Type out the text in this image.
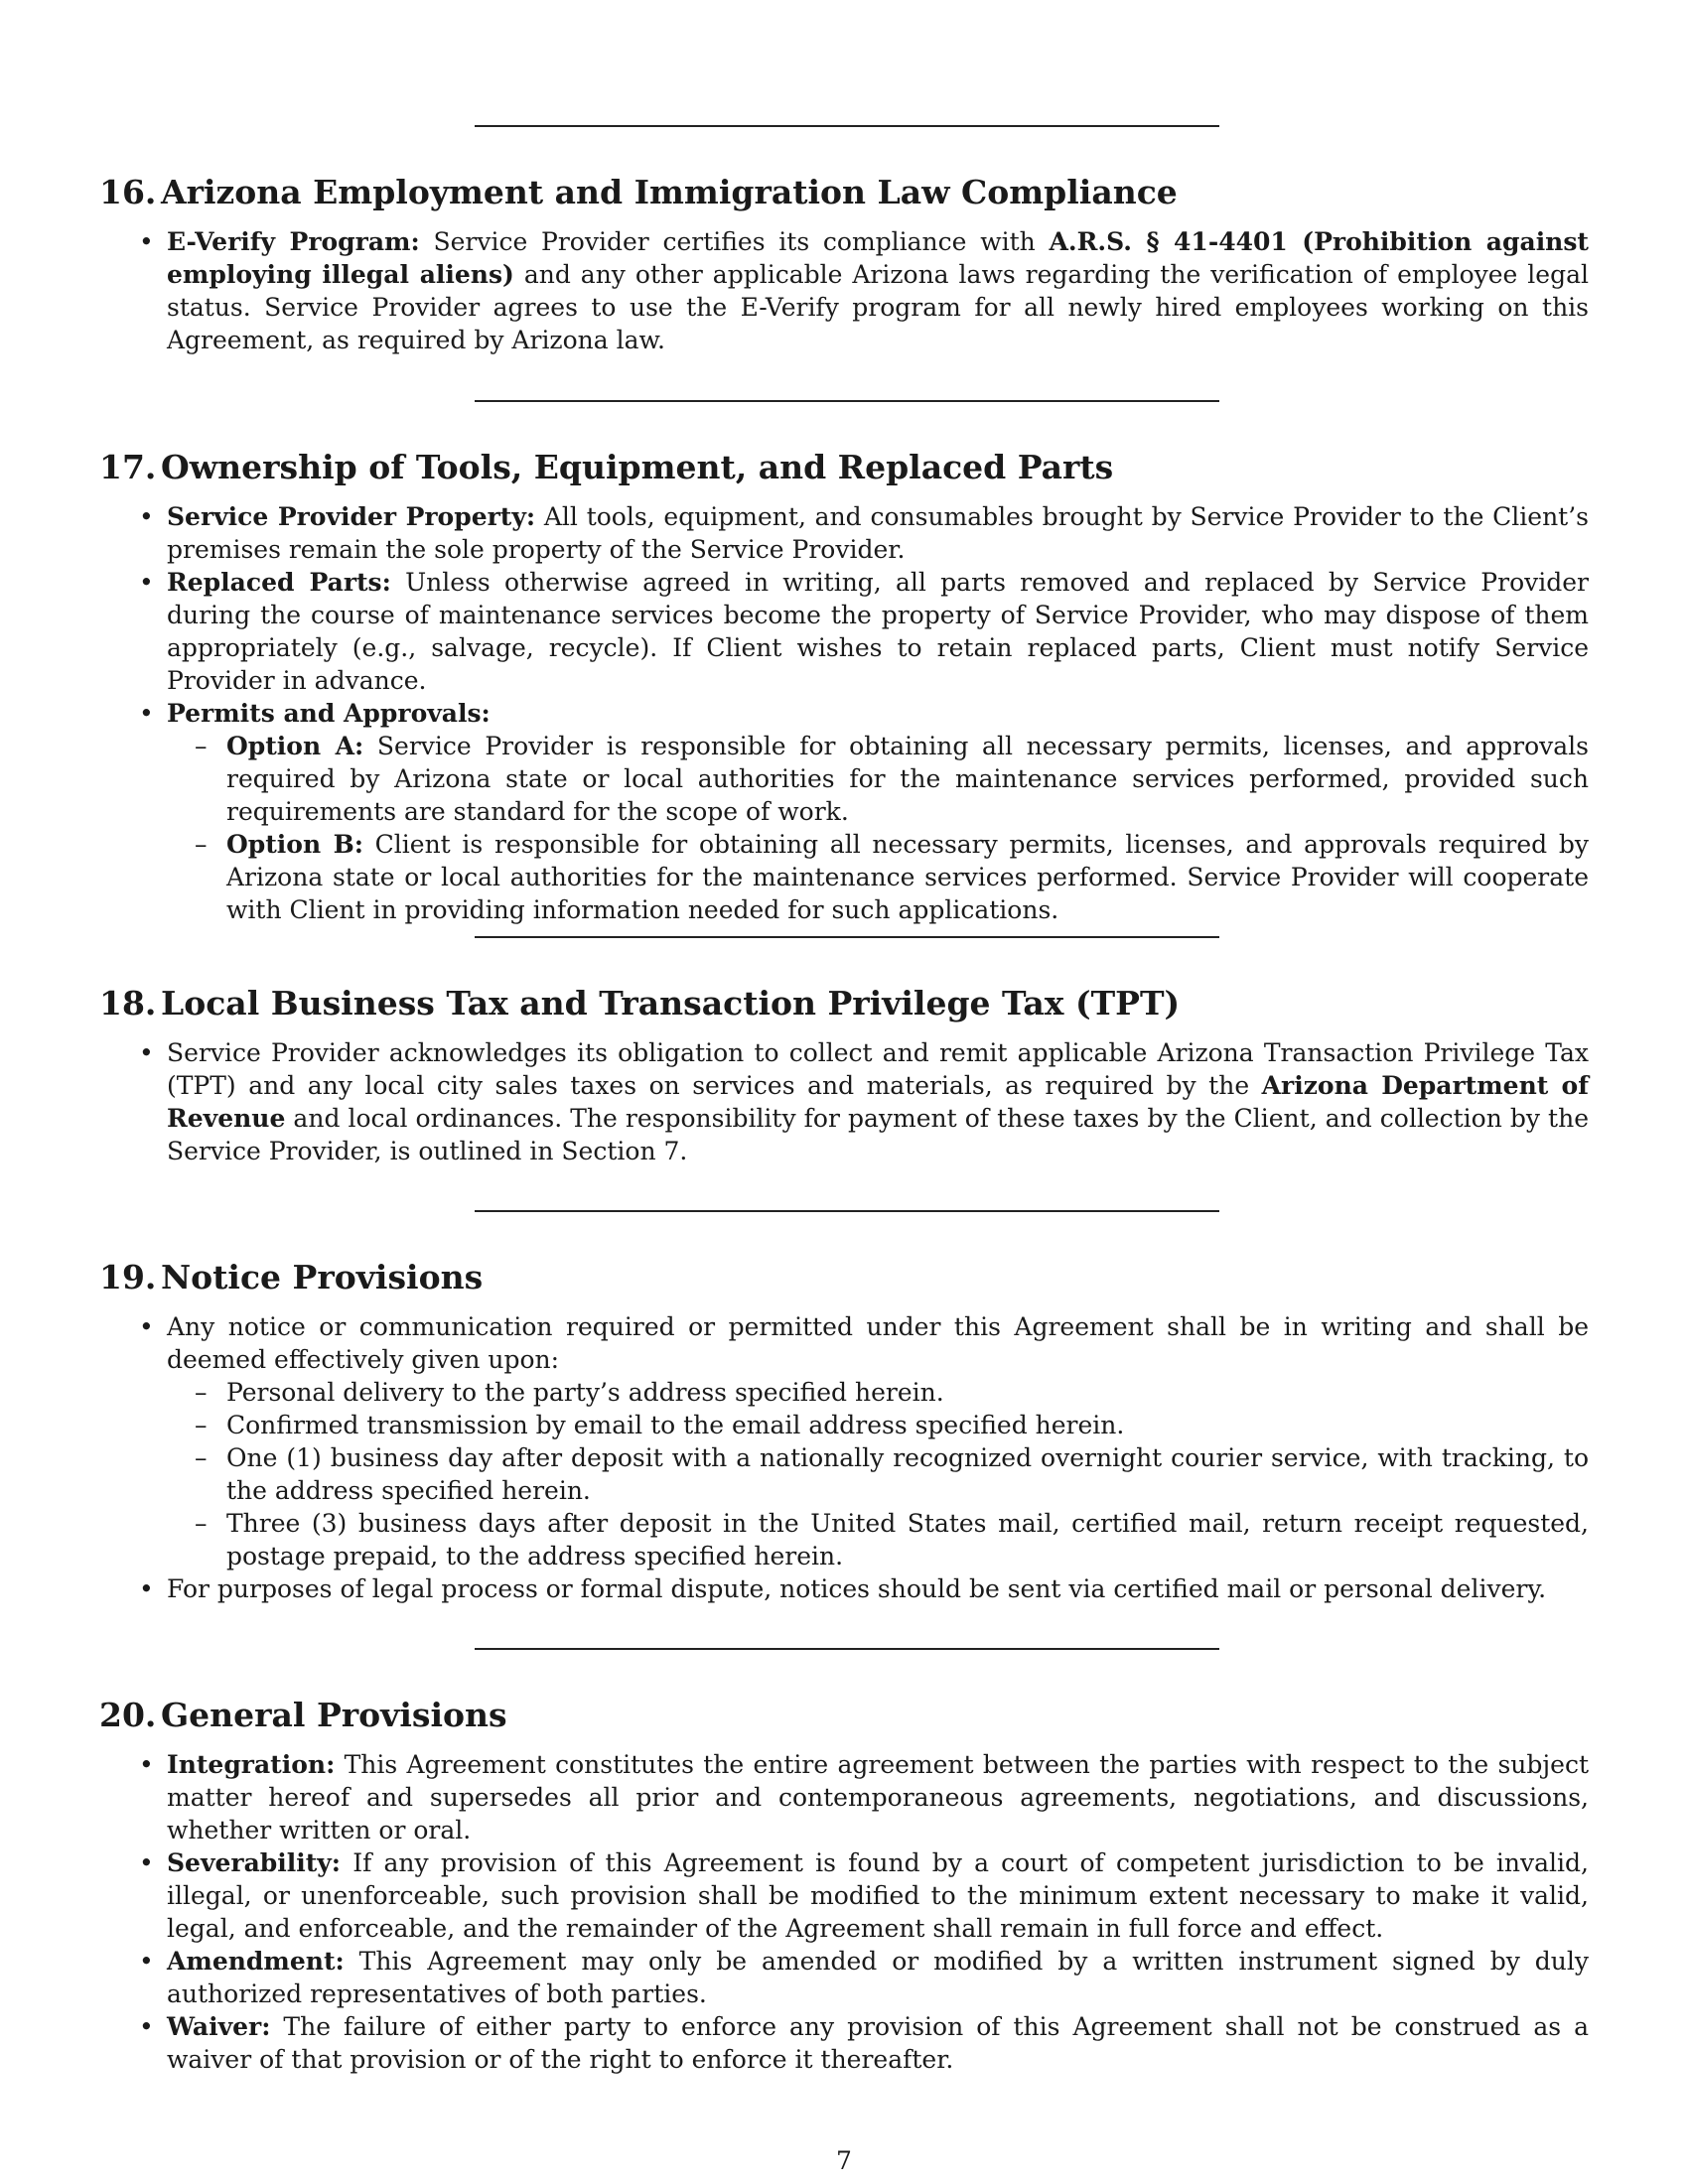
16. Arizona Employment and Immigration Law Compliance
• E-Verify Program: Service Provider certifies its compliance with A.R.S. § 41-4401 (Prohibition against employing illegal aliens) and any other applicable Arizona laws regarding the verification of employee legal status. Service Provider agrees to use the E-Verify program for all newly hired employees working on this Agreement, as required by Arizona law.
17. Ownership of Tools, Equipment, and Replaced Parts
• Service Provider Property: All tools, equipment, and consumables brought by Service Provider to the Client’s premises remain the sole property of the Service Provider.
• Replaced Parts: Unless otherwise agreed in writing, all parts removed and replaced by Service Provider during the course of maintenance services become the property of Service Provider, who may dispose of them appropriately (e.g., salvage, recycle). If Client wishes to retain replaced parts, Client must notify Service Provider in advance.
• Permits and Approvals:
– Option A: Service Provider is responsible for obtaining all necessary permits, licenses, and approvals required by Arizona state or local authorities for the maintenance services performed, provided such requirements are standard for the scope of work.
– Option B: Client is responsible for obtaining all necessary permits, licenses, and approvals required by Arizona state or local authorities for the maintenance services performed. Service Provider will cooperate with Client in providing information needed for such applications.
18. Local Business Tax and Transaction Privilege Tax (TPT)
• Service Provider acknowledges its obligation to collect and remit applicable Arizona Transaction Privilege Tax (TPT) and any local city sales taxes on services and materials, as required by the Arizona Department of Revenue and local ordinances. The responsibility for payment of these taxes by the Client, and collection by the Service Provider, is outlined in Section 7.
19. Notice Provisions
• Any notice or communication required or permitted under this Agreement shall be in writing and shall be deemed effectively given upon:
– Personal delivery to the party’s address specified herein.
– Confirmed transmission by email to the email address specified herein.
– One (1) business day after deposit with a nationally recognized overnight courier service, with tracking, to the address specified herein.
– Three (3) business days after deposit in the United States mail, certified mail, return receipt requested, postage prepaid, to the address specified herein.
• For purposes of legal process or formal dispute, notices should be sent via certified mail or personal delivery.
20. General Provisions
• Integration: This Agreement constitutes the entire agreement between the parties with respect to the subject matter hereof and supersedes all prior and contemporaneous agreements, negotiations, and discussions, whether written or oral.
• Severability: If any provision of this Agreement is found by a court of competent jurisdiction to be invalid, illegal, or unenforceable, such provision shall be modified to the minimum extent necessary to make it valid, legal, and enforceable, and the remainder of the Agreement shall remain in full force and effect.
• Amendment: This Agreement may only be amended or modified by a written instrument signed by duly authorized representatives of both parties.
• Waiver: The failure of either party to enforce any provision of this Agreement shall not be construed as a waiver of that provision or of the right to enforce it thereafter.
7
